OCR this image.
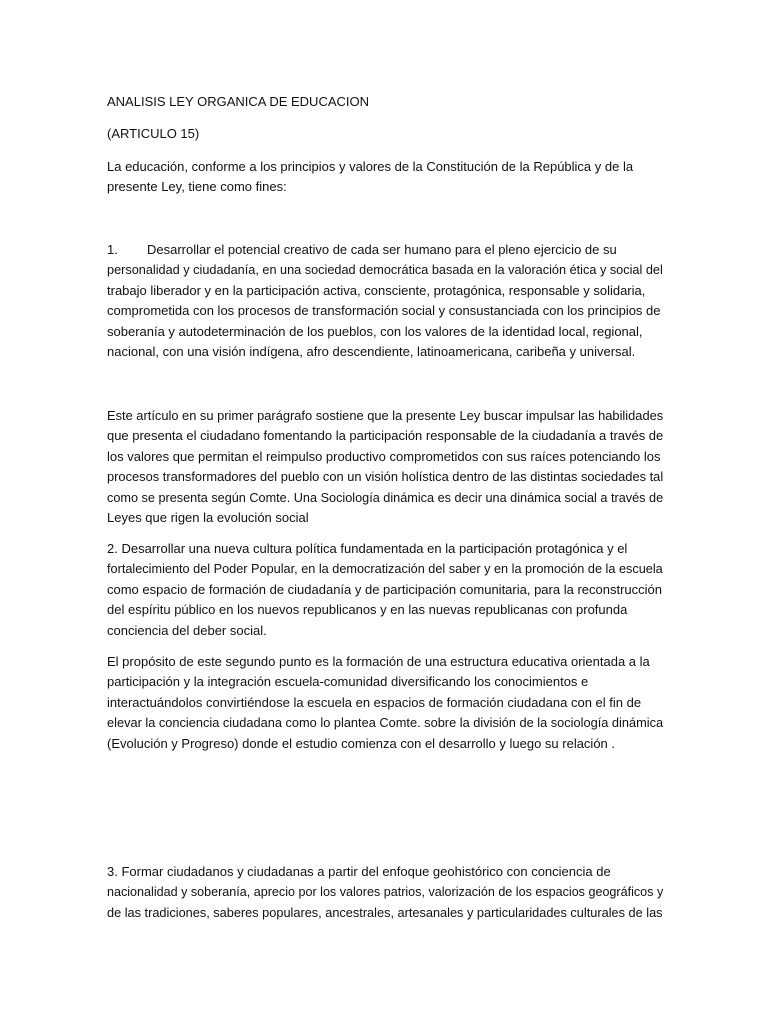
ANALISIS LEY ORGANICA DE EDUCACION
(ARTICULO 15)
La educación, conforme a los principios y valores de la Constitución de la República y de la
presente Ley, tiene como fines:
1. Desarrollar el potencial creativo de cada ser humano para el pleno ejercicio de su
personalidad y ciudadanía, en una sociedad democrática basada en la valoración ética y social del
trabajo liberador y en la participación activa, consciente, protagónica, responsable y solidaria,
comprometida con los procesos de transformación social y consustanciada con los principios de
soberanía y autodeterminación de los pueblos, con los valores de la identidad local, regional,
nacional, con una visión indígena, afro descendiente, latinoamericana, caribeña y universal.
Este artículo en su primer parágrafo sostiene que la presente Ley buscar impulsar las habilidades
que presenta el ciudadano fomentando la participación responsable de la ciudadanía a través de
los valores que permitan el reimpulso productivo comprometidos con sus raíces potenciando los
procesos transformadores del pueblo con un visión holística dentro de las distintas sociedades tal
como se presenta según Comte. Una Sociología dinámica es decir una dinámica social a través de
Leyes que rigen la evolución social
2. Desarrollar una nueva cultura política fundamentada en la participación protagónica y el
fortalecimiento del Poder Popular, en la democratización del saber y en la promoción de la escuela
como espacio de formación de ciudadanía y de participación comunitaria, para la reconstrucción
del espíritu público en los nuevos republicanos y en las nuevas republicanas con profunda
conciencia del deber social.
El propósito de este segundo punto es la formación de una estructura educativa orientada a la
participación y la integración escuela-comunidad diversificando los conocimientos e
interactuándolos convirtiéndose la escuela en espacios de formación ciudadana con el fin de
elevar la conciencia ciudadana como lo plantea Comte. sobre la división de la sociología dinámica
(Evolución y Progreso) donde el estudio comienza con el desarrollo y luego su relación .
3. Formar ciudadanos y ciudadanas a partir del enfoque geohistórico con conciencia de
nacionalidad y soberanía, aprecio por los valores patrios, valorización de los espacios geográficos y
de las tradiciones, saberes populares, ancestrales, artesanales y particularidades culturales de las
